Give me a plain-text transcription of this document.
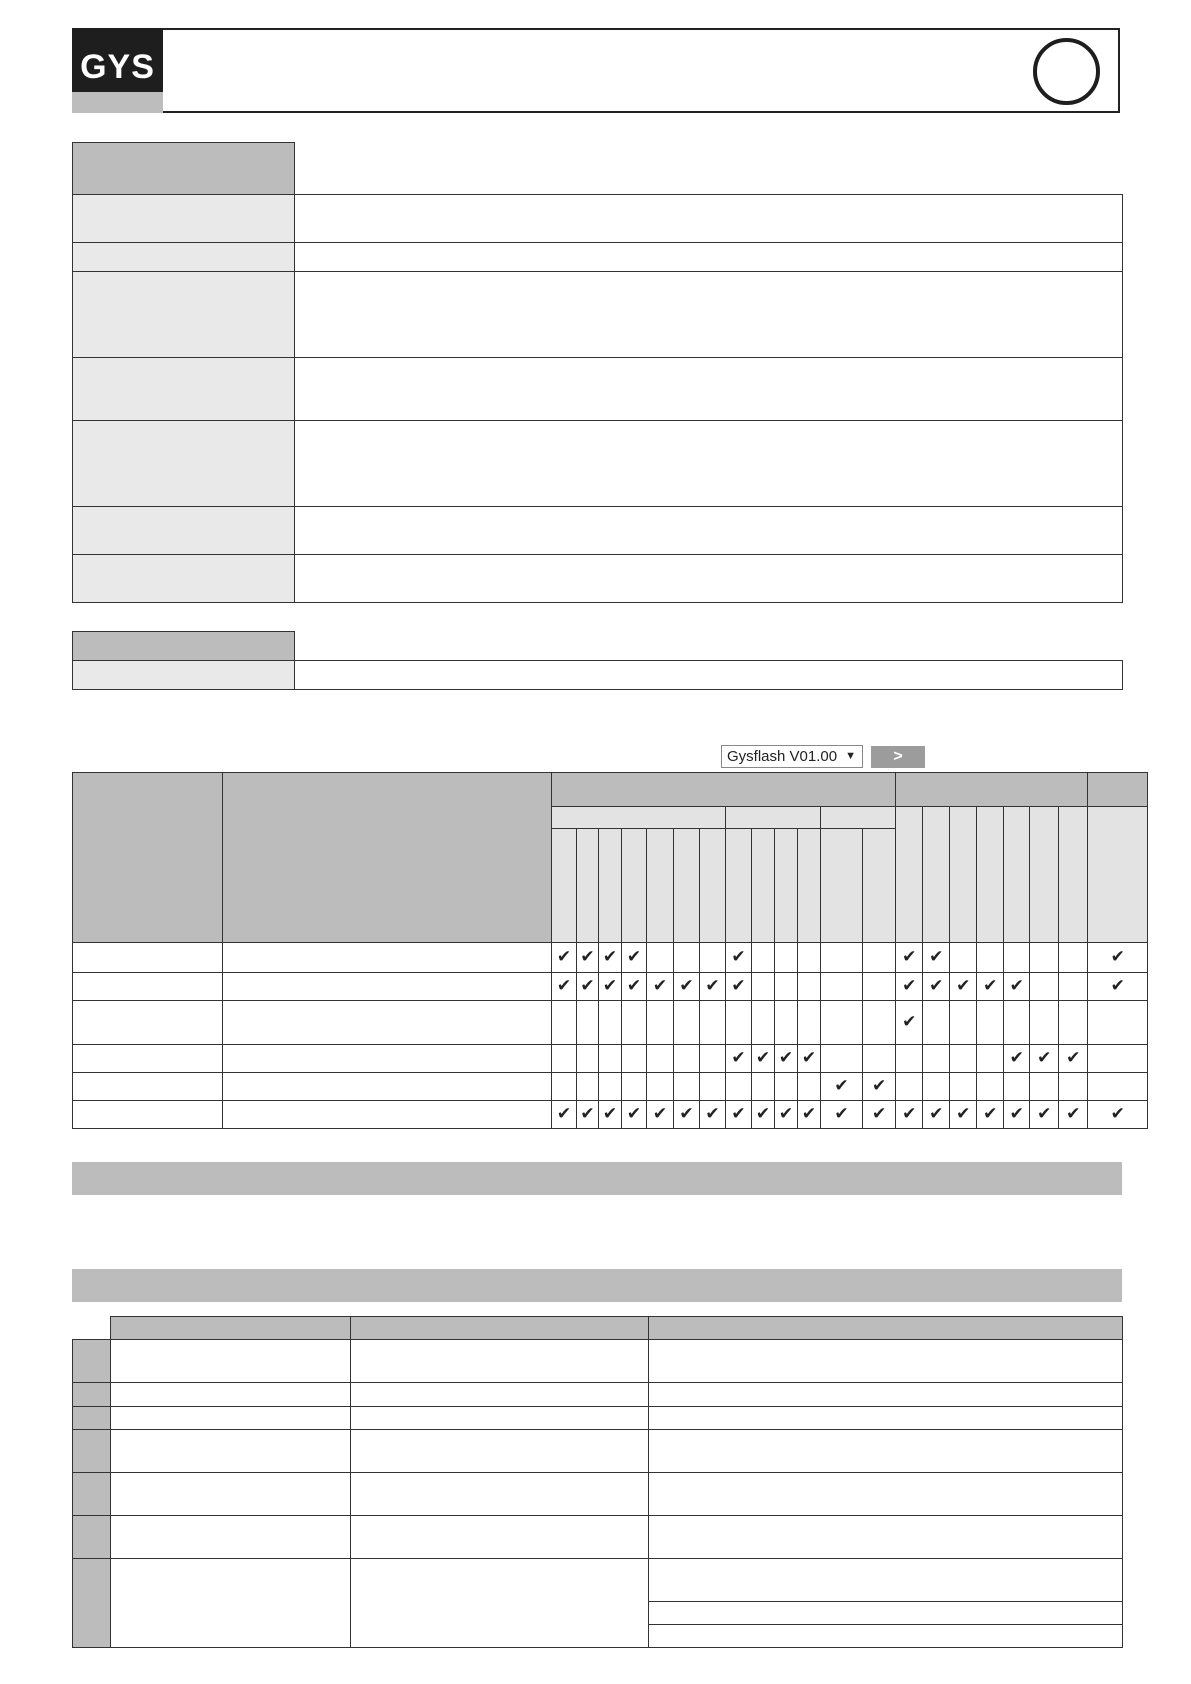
GYS

Gysflash V01.00 ▼	>

		✔	✔	✔	✔				✔						✔	✔						✔
		✔	✔	✔	✔	✔	✔	✔	✔						✔	✔	✔	✔	✔			✔
															✔							
									✔	✔	✔	✔							✔	✔	✔	
													✔	✔								
		✔	✔	✔	✔	✔	✔	✔	✔	✔	✔	✔	✔	✔	✔	✔	✔	✔	✔	✔	✔	✔
